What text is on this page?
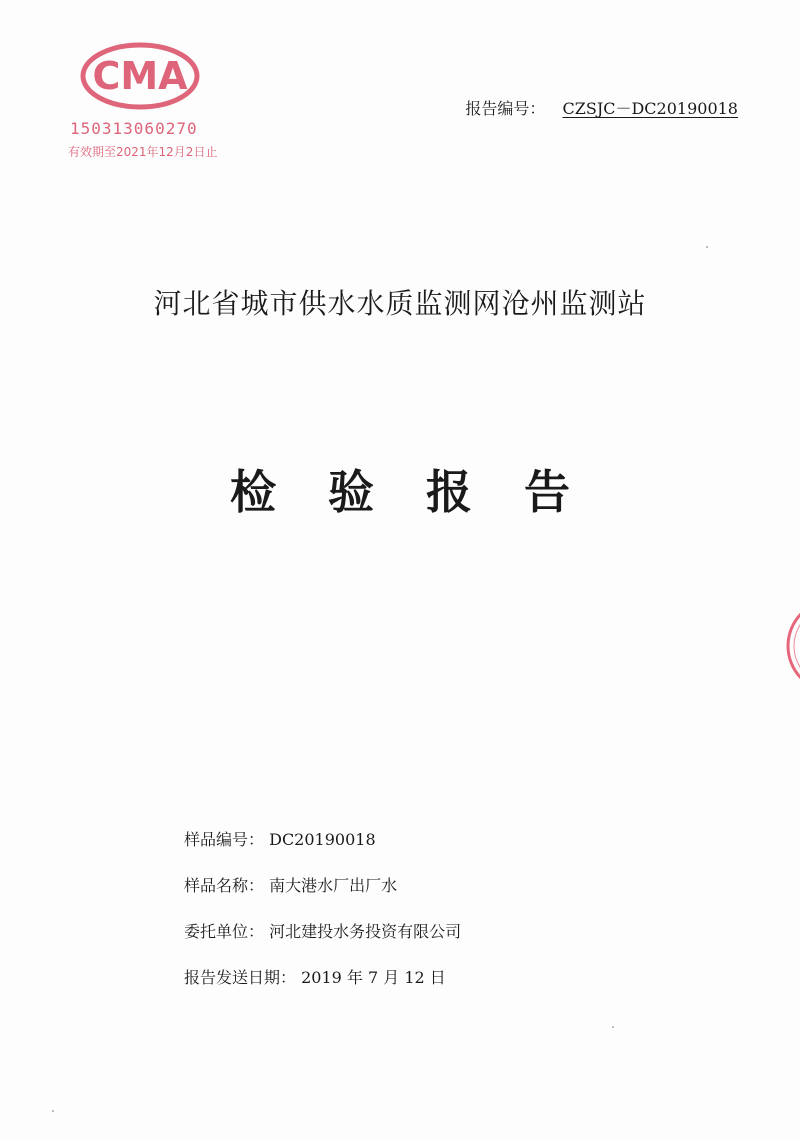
CMA
150313060270
有效期至2021年12月2日止
报告编号： CZSJC－DC20190018
河北省城市供水水质监测网沧州监测站
检验报告
样品编号： DC20190018
样品名称： 南大港水厂出厂水
委托单位： 河北建投水务投资有限公司
报告发送日期： 2019 年 7 月 12 日
